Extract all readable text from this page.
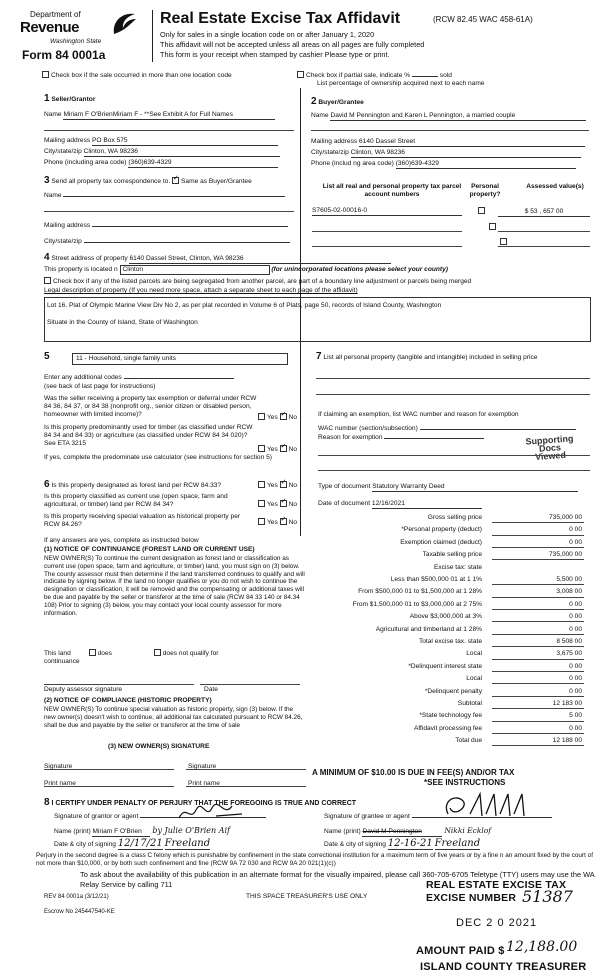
Department of
Revenue
Washington State
Form 84 0001a
Real Estate Excise Tax Affidavit	(RCW 82.45 WAC 458-61A)
Only for sales in a single location code on or after January 1, 2020
This affidavit will not be accepted unless all areas on all pages are fully completed
This form is your receipt when stamped by cashier Please type or print.
Check box if the sale occurred in more than one location code	Check box if partial sale, indicate %	sold
List percentage of ownership acquired next to each name
1 Seller/Grantor
Name Miriam F O'BrienMiriam F - **See Exhibit A for Full Names
Mailing address PO Box 575
City/state/zip Clinton, WA 98236
Phone (including area code) (360)639-4329
2 Buyer/Grantee
Name David M Pennington and Karen L Pennington, a married couple
Mailing address 6140 Dassel Street
City/state/zip Clinton, WA 98236
Phone (includ ng area code) (360)639-4329
3 Send all property tax correspondence to. ✓ Same as Buyer/Grantee
Name
Mailing address
City/state/zip
List all real and personal property tax parcel account numbers
Personal property?
Assessed value(s)
S7605-02-00016-0
	$ 53 , 657 00

4 Street address of property 6140 Dassel Street, Clinton, WA 98236
This property is located n Clinton	(for unincorporated locations please select your county)
Check box if any of the listed parcels are being segregated from another parcel, are part of a boundary line adjustment or parcels being merged
Legal description of property (If you need more space, attach a separate sheet to each page of the affidavit)
Lot 16. Plat of Olympic Marine View Div No 2, as per plat recorded in Volume 6 of Plats, page 50, records of Island County, Washington
Situate in the County of Island, State of Washington
5	11 - Household, single family units
Enter any additional codes
(see back of last page for instructions)
Was the seller receiving a property tax exemption or deferral under RCW 84 36, 84 37, or 84 38 (nonprofit org., senior citizen or disabled person, homeowner with limited income)?	Yes ✓ No
Is this property predominantly used for timber (as classified under RCW 84 34 and 84 33) or agriculture (as classified under RCW 84 34 020)? See ETA 3215
Yes ✓ No
If yes, complete the predominate use calculator (see instructions for section 5)
6 Is this property designated as forest land per RCW 84.33?	Yes ✓ No
Is this property classified as current use (open space, farm and agricultural, or timber) land per RCW 84 34?	Yes ✓ No
Is this property receiving special valuation as historical property per RCW 84.26?	Yes ✓ No
If any answers are yes, complete as instructed below
(1) NOTICE OF CONTINUANCE (FOREST LAND OR CURRENT USE)
NEW OWNER(S) To continue the current designation as forest land or classification as current use (open space, farm and agriculture, or timber) land, you must sign on (3) below. The county assessor must then determine if the land transferred continues to qualify and will indicate by signing below. If the land no longer qualifies or you do not wish to continue the designation or classification, it will be removed and the compensating or additional taxes will be due and payable by the seller or transferor at the time of sale (RCW 84 33 140 or 84.34 108) Prior to signing (3) below, you may contact your local county assessor for more information.
This land	does	does not qualify for
continuance
Deputy assessor signature	Date
(2) NOTICE OF COMPLIANCE (HISTORIC PROPERTY)
NEW OWNER(S) To continue special valuation as historic property, sign (3) below. If the new owner(s) doesn't wish to continue, all additional tax calculated pursuant to RCW 84.26, shall be due and payable by the seller or transferor at the time of sale
(3) NEW OWNER(S) SIGNATURE
Signature	Signature
Print name	Print name
7 List all personal property (tangible and intangible) included in selling price
If claiming an exemption, list WAC number and reason for exemption
WAC number (section/subsection)
Reason for exemption	Supporting Docs Viewed
Type of document Statutory Warranty Deed
Date of document 12/16/2021
Gross selling price	735,000 00
*Personal property (deduct)	0 00
Exemption claimed (deduct)	0 00
Taxable selling price	735,000 00
Excise tax: state
Less than $500,000 01 at 1 1%	5,500 00
From $500,000 01 to $1,500,000 at 1 28%	3,008 00
From $1,500,000 01 to $3,000,000 at 2 75%	0 00
Above $3,000,000 at 3%	0 00
Agricultural and timberland at 1 28%	0 00
Total excise tax. state	8 508 00
Local	3,675 00
*Delinquent interest state	0 00
Local	0 00
*Delinquent penalty	0 00
Subtotal	12 183 00
*State technology fee	5 00
Affidavit processing fee	0 00
Total due	12 188 00
A MINIMUM OF $10.00 IS DUE IN FEE(S) AND/OR TAX
*SEE INSTRUCTIONS
8 I CERTIFY UNDER PENALTY OF PERJURY THAT THE FOREGOING IS TRUE AND CORRECT
Signature of grantor or agent
Name (print) Miriam F O'Brien by Julie O'Brien Aif
Date & city of signing 12/17/21 Freeland
Signature of grantee or agent
Name (print) David M Pennington	Nikki Ecklof
Date & city of signing 12-16-21 Freeland
Perjury in the second degree is a class C felony which is punishable by confinement in the state correctional institution for a maximum term of five years or by a fine n an amount fixed by the court of not more than $10,000, or by both such confinement and fine (RCW 9A 72 030 and RCW 9A 20 021(1)(c))
To ask about the availability of this publication in an alternate format for the visually impaired, please call 360-705-6705 Teletype (TTY) users may use the WA Relay Service by calling 711
REV 84 0001a (3/12/21)	THIS SPACE TREASURER'S USE ONLY
Escrow No 245447540-KE
REAL ESTATE EXCISE TAX
EXCISE NUMBER 51387
DEC 2 0 2021
AMOUNT PAID $ 12,188.00
ISLAND COUNTY TREASURER
